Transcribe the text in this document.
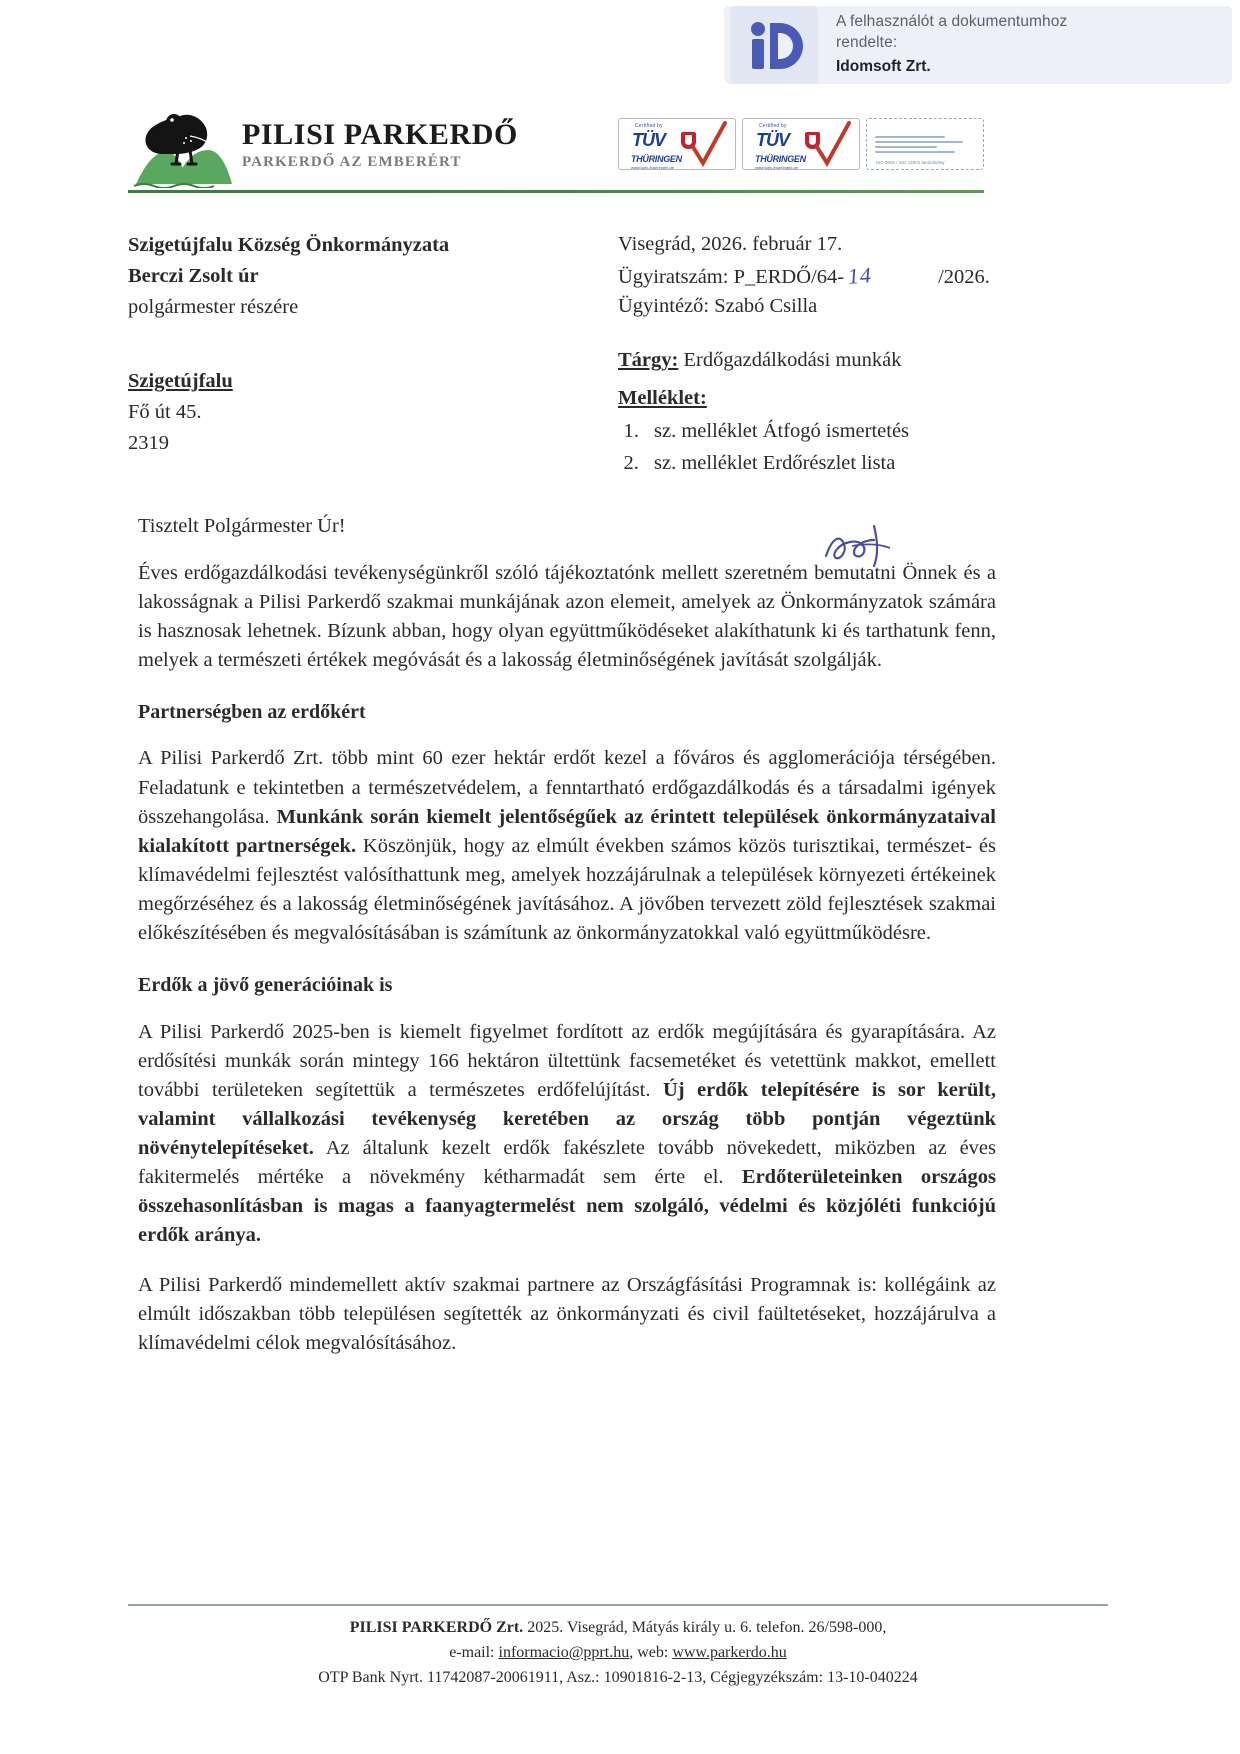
A felhasználót a dokumentumhoz
rendelte:
Idomsoft Zrt.
PILISI PARKERDŐ
PARKERDŐ AZ EMBERÉRT
Certified by
TÜV
THÜRINGEN
www.tuev-thueringen.de
Certified by
TÜV
THÜRINGEN
www.tuev-thueringen.de
ISO 9001 / ISO 14001 tanúsítvány
Szigetújfalu Község Önkormányzata
Berczi Zsolt úr
polgármester részére
Szigetújfalu
Fő út 45.
2319
Visegrád, 2026. február 17.
Ügyiratszám: P_ERDŐ/64- 14	/2026.
Ügyintéző: Szabó Csilla
Tárgy: Erdőgazdálkodási munkák
Melléklet:
1. sz. melléklet Átfogó ismertetés
2. sz. melléklet Erdőrészlet lista
Tisztelt Polgármester Úr!

Éves erdőgazdálkodási tevékenységünkről szóló tájékoztatónk mellett szeretném bemutatni Önnek és a lakosságnak a Pilisi Parkerdő szakmai munkájának azon elemeit, amelyek az Önkormányzatok számára is hasznosak lehetnek. Bízunk abban, hogy olyan együttműködéseket alakíthatunk ki és tarthatunk fenn, melyek a természeti értékek megóvását és a lakosság életminőségének javítását szolgálják.

Partnerségben az erdőkért

A Pilisi Parkerdő Zrt. több mint 60 ezer hektár erdőt kezel a főváros és agglomerációja térségében. Feladatunk e tekintetben a természetvédelem, a fenntartható erdőgazdálkodás és a társadalmi igények összehangolása. Munkánk során kiemelt jelentőségűek az érintett települések önkormányzataival kialakított partnerségek. Köszönjük, hogy az elmúlt években számos közös turisztikai, természet- és klímavédelmi fejlesztést valósíthattunk meg, amelyek hozzájárulnak a települések környezeti értékeinek megőrzéséhez és a lakosság életminőségének javításához. A jövőben tervezett zöld fejlesztések szakmai előkészítésében és megvalósításában is számítunk az önkormányzatokkal való együttműködésre.

Erdők a jövő generációinak is

A Pilisi Parkerdő 2025-ben is kiemelt figyelmet fordított az erdők megújítására és gyarapítására. Az erdősítési munkák során mintegy 166 hektáron ültettünk facsemetéket és vetettünk makkot, emellett további területeken segítettük a természetes erdőfelújítást. Új erdők telepítésére is sor került, valamint vállalkozási tevékenység keretében az ország több pontján végeztünk növénytelepítéseket. Az általunk kezelt erdők fakészlete tovább növekedett, miközben az éves fakitermelés mértéke a növekmény kétharmadát sem érte el. Erdőterületeinken országos összehasonlításban is magas a faanyagtermelést nem szolgáló, védelmi és közjóléti funkciójú erdők aránya.

A Pilisi Parkerdő mindemellett aktív szakmai partnere az Országfásítási Programnak is: kollégáink az elmúlt időszakban több településen segítették az önkormányzati és civil faültetéseket, hozzájárulva a klímavédelmi célok megvalósításához.

PILISI PARKERDŐ Zrt. 2025. Visegrád, Mátyás király u. 6. telefon. 26/598-000,
e-mail: informacio@pprt.hu, web: www.parkerdo.hu
OTP Bank Nyrt. 11742087-20061911, Asz.: 10901816-2-13, Cégjegyzékszám: 13-10-040224
